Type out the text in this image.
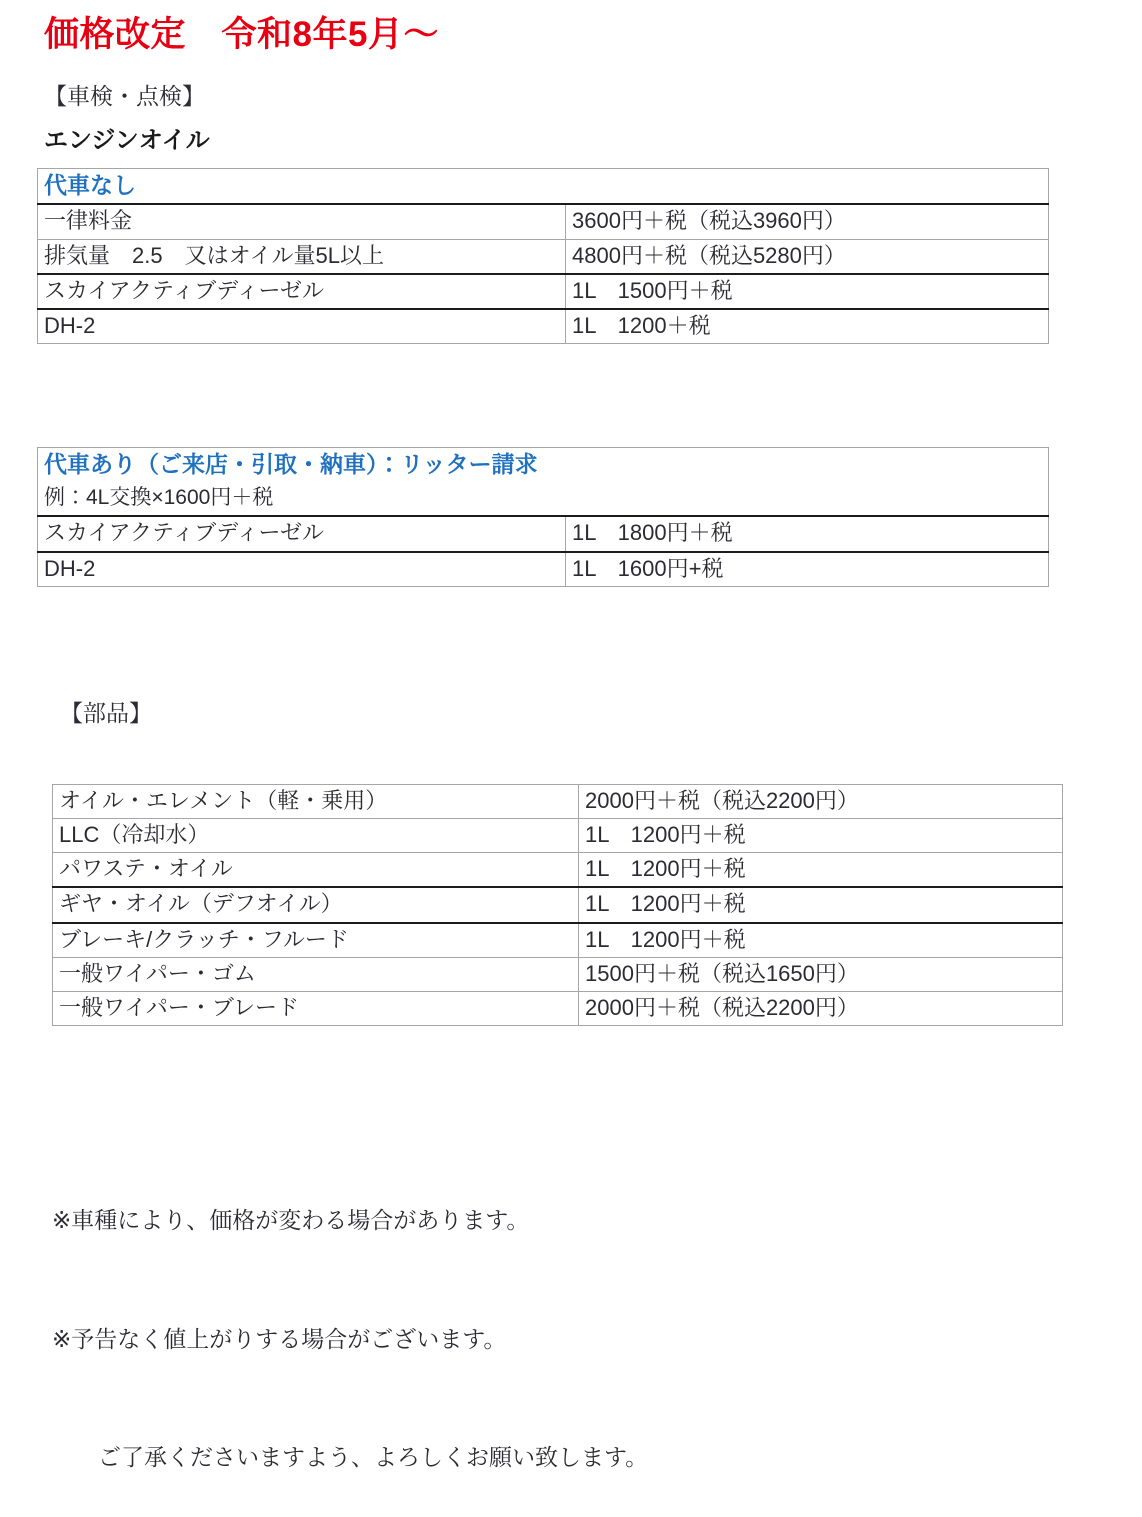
価格改定　令和8年5月～
【車検・点検】
エンジンオイル
代車なし	
一律料金	3600円＋税（税込3960円）
排気量　2.5　又はオイル量5L以上	4800円＋税（税込5280円）
スカイアクティブディーゼル	1L　1500円＋税
DH-2	1L　1200＋税
代車あり（ご来店・引取・納車）：リッター請求	
例：4L交換×1600円＋税	
スカイアクティブディーゼル	1L　1800円＋税
DH-2	1L　1600円+税
【部品】
オイル・エレメント（軽・乗用）	2000円＋税（税込2200円）
LLC（冷却水）	1L　1200円＋税
パワステ・オイル	1L　1200円＋税
ギヤ・オイル（デフオイル）	1L　1200円＋税
ブレーキ/クラッチ・フルード	1L　1200円＋税
一般ワイパー・ゴム	1500円＋税（税込1650円）
一般ワイパー・ブレード	2000円＋税（税込2200円）

※車種により、価格が変わる場合があります。

※予告なく値上がりする場合がございます。

　　ご了承くださいますよう、よろしくお願い致します。
